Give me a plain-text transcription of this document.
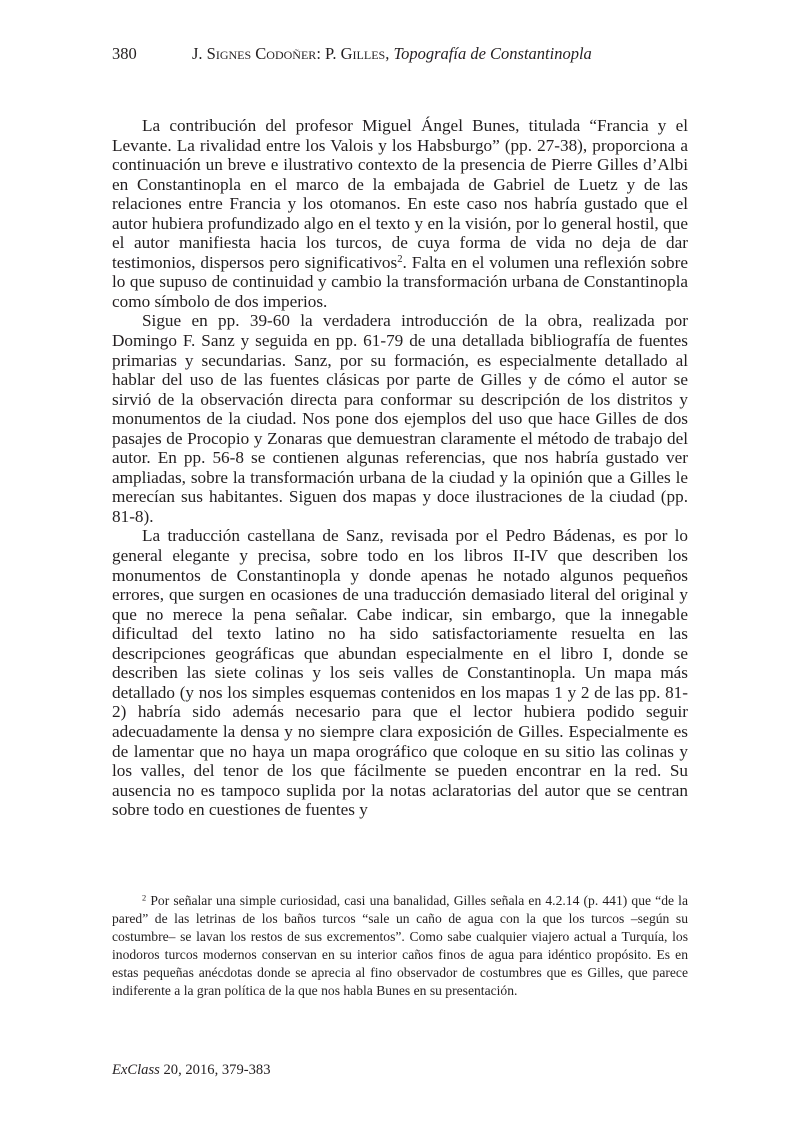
380	J. Signes Codoñer: P. Gilles, Topografía de Constantinopla

La contribución del profesor Miguel Ángel Bunes, titulada “Francia y el Levante. La rivalidad entre los Valois y los Habsburgo” (pp. 27-38), proporciona a continuación un breve e ilustrativo contexto de la presencia de Pierre Gilles d’Albi en Constantinopla en el marco de la embajada de Gabriel de Luetz y de las relaciones entre Francia y los otomanos. En este caso nos habría gustado que el autor hubiera profundizado algo en el texto y en la visión, por lo general hostil, que el autor manifiesta hacia los turcos, de cuya forma de vida no deja de dar testimonios, dispersos pero significativos$^2$. Falta en el volumen una reflexión sobre lo que supuso de continuidad y cambio la transformación urbana de Constantinopla como símbolo de dos imperios.

Sigue en pp. 39-60 la verdadera introducción de la obra, realizada por Domingo F. Sanz y seguida en pp. 61-79 de una detallada bibliografía de fuentes primarias y secundarias. Sanz, por su formación, es especialmente detallado al hablar del uso de las fuentes clásicas por parte de Gilles y de cómo el autor se sirvió de la observación directa para conformar su descripción de los distritos y monumentos de la ciudad. Nos pone dos ejemplos del uso que hace Gilles de dos pasajes de Procopio y Zonaras que demuestran claramente el método de trabajo del autor. En pp. 56-8 se contienen algunas referencias, que nos habría gustado ver ampliadas, sobre la transformación urbana de la ciudad y la opinión que a Gilles le merecían sus habitantes. Siguen dos mapas y doce ilustraciones de la ciudad (pp. 81-8).

La traducción castellana de Sanz, revisada por el Pedro Bádenas, es por lo general elegante y precisa, sobre todo en los libros II-IV que describen los monumentos de Constantinopla y donde apenas he notado algunos pequeños errores, que surgen en ocasiones de una traducción demasiado literal del original y que no merece la pena señalar. Cabe indicar, sin embargo, que la innegable dificultad del texto latino no ha sido satisfactoriamente resuelta en las descripciones geográficas que abundan especialmente en el libro I, donde se describen las siete colinas y los seis valles de Constantinopla. Un mapa más detallado (y nos los simples esquemas contenidos en los mapas 1 y 2 de las pp. 81-2) habría sido además necesario para que el lector hubiera podido seguir adecuadamente la densa y no siempre clara exposición de Gilles. Especialmente es de lamentar que no haya un mapa orográfico que coloque en su sitio las colinas y los valles, del tenor de los que fácilmente se pueden encontrar en la red. Su ausencia no es tampoco suplida por la notas aclaratorias del autor que se centran sobre todo en cuestiones de fuentes y

$^2$ Por señalar una simple curiosidad, casi una banalidad, Gilles señala en 4.2.14 (p. 441) que “de la pared” de las letrinas de los baños turcos “sale un caño de agua con la que los turcos –según su costumbre– se lavan los restos de sus excrementos”. Como sabe cualquier viajero actual a Turquía, los inodoros turcos modernos conservan en su interior caños finos de agua para idéntico propósito. Es en estas pequeñas anécdotas donde se aprecia al fino observador de costumbres que es Gilles, que parece indiferente a la gran política de la que nos habla Bunes en su presentación.

ExClass 20, 2016, 379-383
